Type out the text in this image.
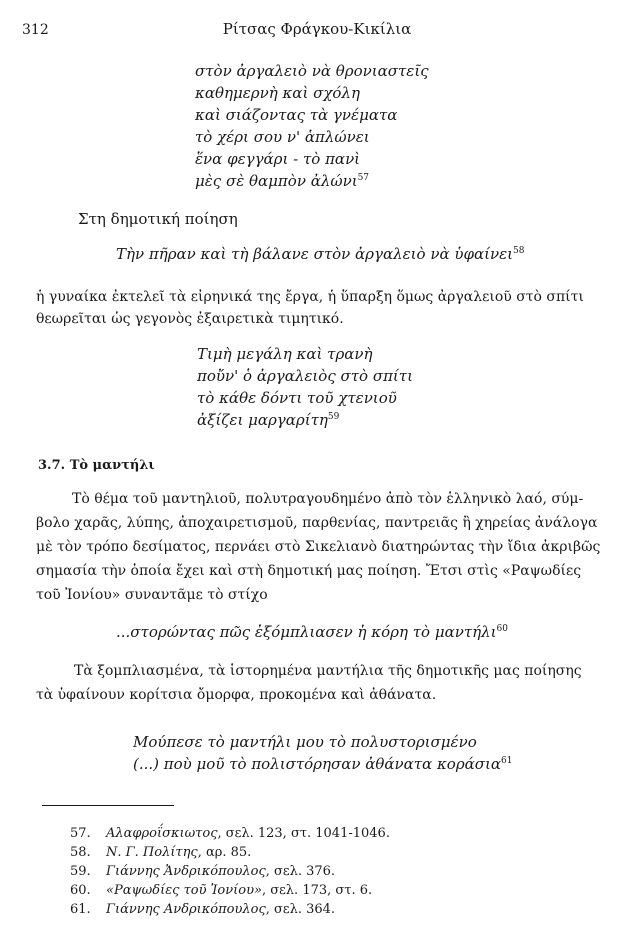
312	Ρίτσας Φράγκου-Κικίλια
στὸν ἀργαλειὸ νὰ θρονιαστεῖς
καθημερνὴ καὶ σχόλη
καὶ σιάζοντας τὰ γνέματα
τὸ χέρι σου ν' ἁπλώνει
ἕνα φεγγάρι - τὸ πανὶ
μὲς σὲ θαμπὸν ἀλώνι$^{57}$
Στη δημοτική ποίηση
Τὴν πῆραν καὶ τὴ βάλανε στὸν ἀργαλειὸ νὰ ὑφαίνει$^{58}$
ἡ γυναίκα ἐκτελεῖ τὰ εἰρηνικά της ἔργα, ἡ ὕπαρξη ὅμως ἀργαλειοῦ στὸ σπίτι
θεωρεῖται ὡς γεγονὸς ἐξαιρετικὰ τιμητικό.
Τιμὴ μεγάλη καὶ τρανὴ
ποὔν' ὁ ἀργαλειὸς στὸ σπίτι
τὸ κάθε δόντι τοῦ χτενιοῦ
ἀξίζει μαργαρίτη$^{59}$
3.7. Τὸ μαντήλι
Τὸ θέμα τοῦ μαντηλιοῦ, πολυτραγουδημένο ἀπὸ τὸν ἑλληνικὸ λαό, σύμ-
βολο χαρᾶς, λύπης, ἀποχαιρετισμοῦ, παρθενίας, παντρειᾶς ἢ χηρείας ἀνάλογα
μὲ τὸν τρόπο δεσίματος, περνάει στὸ Σικελιανὸ διατηρώντας τὴν ἴδια ἀκριβῶς
σημασία τὴν ὁποία ἔχει καὶ στὴ δημοτική μας ποίηση. Ἔτσι στὶς «Ραψωδίες
τοῦ Ἰονίου» συναντᾶμε τὸ στίχο
...στορώντας πῶς ἐξόμπλιασεν ἡ κόρη τὸ μαντήλι$^{60}$
Τὰ ξομπλιασμένα, τὰ ἱστορημένα μαντήλια τῆς δημοτικῆς μας ποίησης
τὰ ὑφαίνουν κορίτσια ὄμορφα, προκομένα καὶ ἀθάνατα.
Μούπεσε τὸ μαντήλι μου τὸ πολυστορισμένο
(...) ποὺ μοῦ τὸ πολιστόρησαν ἀθάνατα κοράσια$^{61}$
57. Αλαφροΐσκιωτος, σελ. 123, στ. 1041-1046.
58. Ν. Γ. Πολίτης, αρ. 85.
59. Γιάννης Ἀνδρικόπουλος, σελ. 376.
60. «Ραψωδίες τοῦ Ἰονίου», σελ. 173, στ. 6.
61. Γιάννης Ανδρικόπουλος, σελ. 364.
